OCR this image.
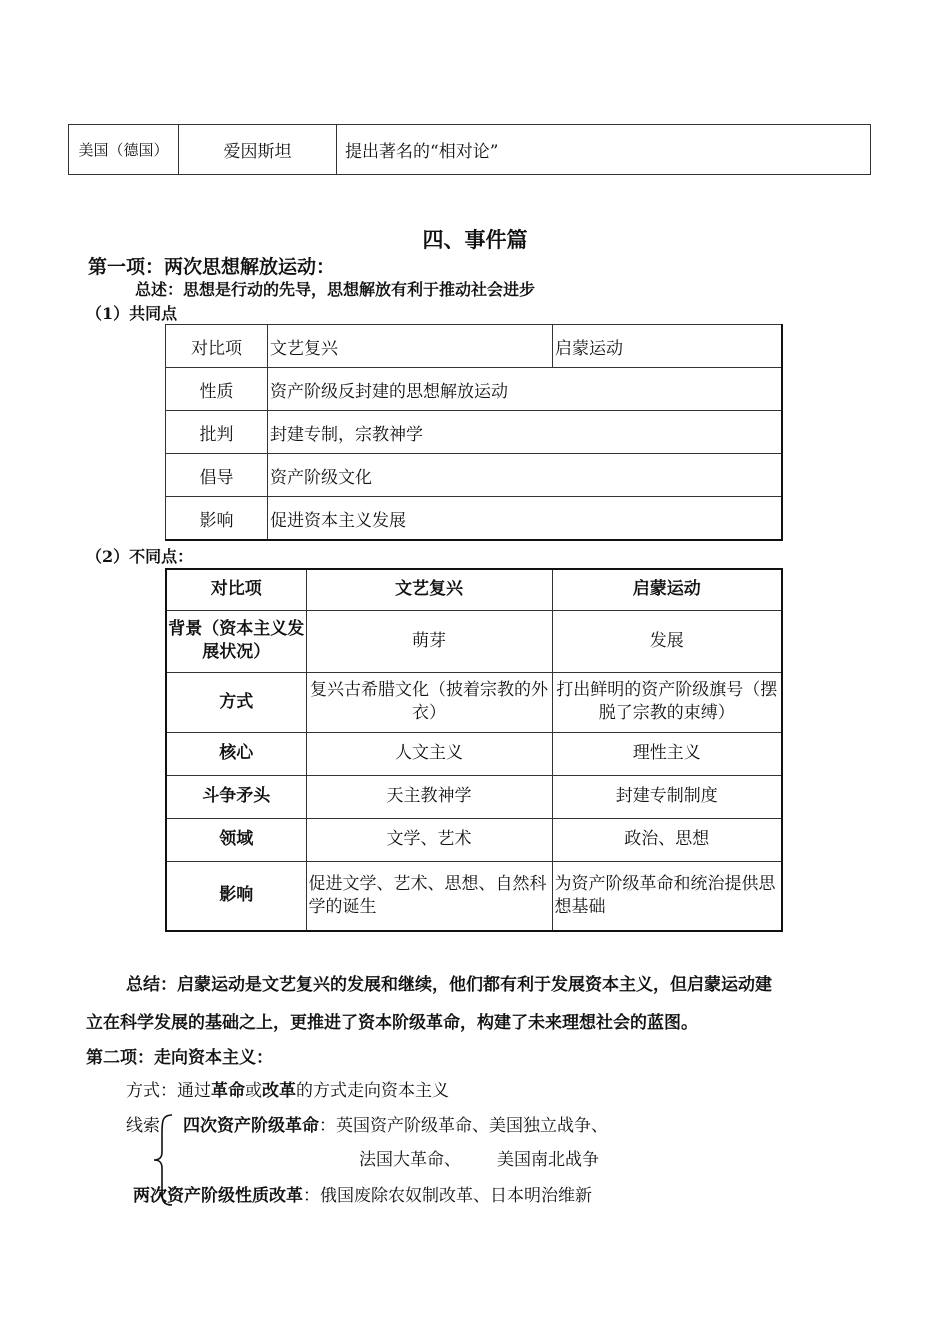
美国（德国）	爱因斯坦	提出著名的“相对论”
四、事件篇
第一项：两次思想解放运动：
总述：思想是行动的先导，思想解放有利于推动社会进步
（1）共同点
对比项	文艺复兴	启蒙运动
性质	资产阶级反封建的思想解放运动	
批判	封建专制，宗教神学	
倡导	资产阶级文化	
影响	促进资本主义发展	
（2）不同点：
对比项	文艺复兴	启蒙运动
背景（资本主义发展状况）	萌芽	发展
方式	复兴古希腊文化（披着宗教的外衣）	打出鲜明的资产阶级旗号（摆脱了宗教的束缚）
核心	人文主义	理性主义
斗争矛头	天主教神学	封建专制制度
领域	文学、艺术	政治、思想
影响	促进文学、艺术、思想、自然科学的诞生	为资产阶级革命和统治提供思想基础
总结：启蒙运动是文艺复兴的发展和继续，他们都有利于发展资本主义，但启蒙运动建
立在科学发展的基础之上，更推进了资本阶级革命，构建了未来理想社会的蓝图。
第二项：走向资本主义：
方式：通过革命或改革的方式走向资本主义
线索 四次资产阶级革命：英国资产阶级革命、美国独立战争、
法国大革命、 美国南北战争
两次资产阶级性质改革：俄国废除农奴制改革、日本明治维新
